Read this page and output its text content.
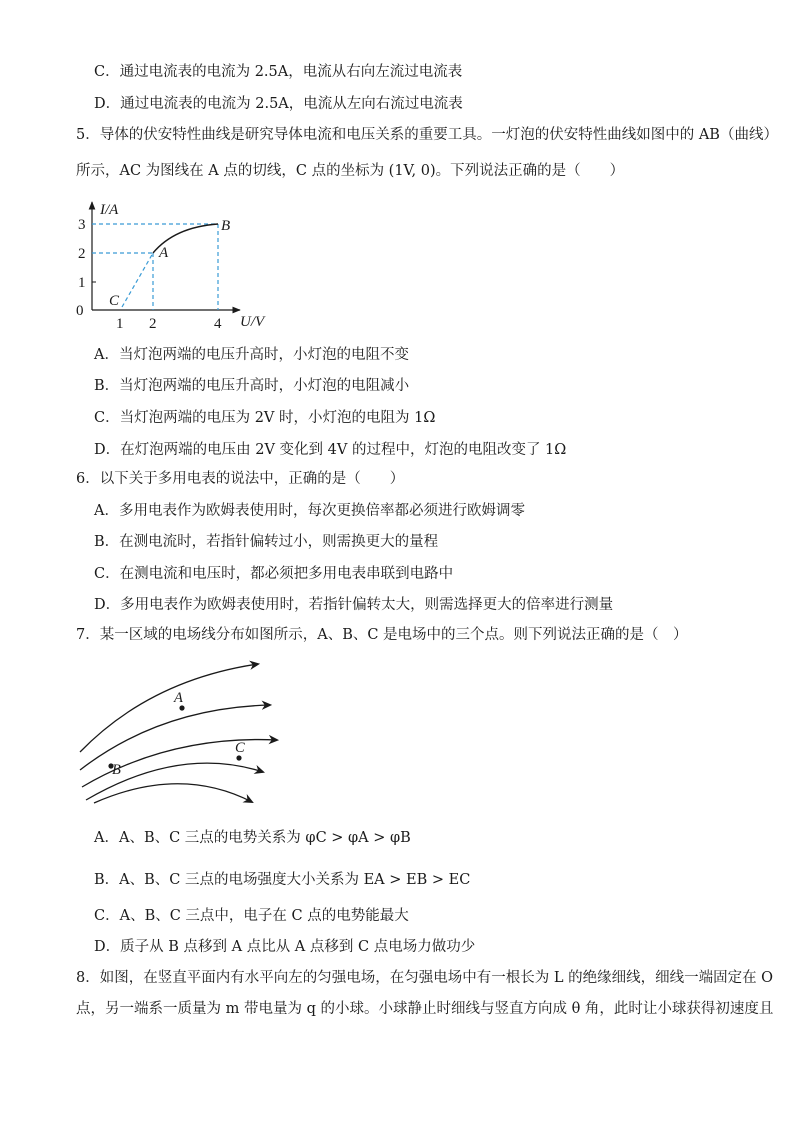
C．通过电流表的电流为 2.5A，电流从右向左流过电流表
D．通过电流表的电流为 2.5A，电流从左向右流过电流表
5．导体的伏安特性曲线是研究导体电流和电压关系的重要工具。一灯泡的伏安特性曲线如图中的 AB（曲线）
所示，AC 为图线在 A 点的切线，C 点的坐标为 (1V, 0)。下列说法正确的是（　　）
I/A
U/V
0
1
2
3
1 2	4
A
B
C
A．当灯泡两端的电压升高时，小灯泡的电阻不变
B．当灯泡两端的电压升高时，小灯泡的电阻减小
C．当灯泡两端的电压为 2V 时，小灯泡的电阻为 1Ω
D．在灯泡两端的电压由 2V 变化到 4V 的过程中，灯泡的电阻改变了 1Ω
6．以下关于多用电表的说法中，正确的是（　　）
A．多用电表作为欧姆表使用时，每次更换倍率都必须进行欧姆调零
B．在测电流时，若指针偏转过小，则需换更大的量程
C．在测电流和电压时，都必须把多用电表串联到电路中
D．多用电表作为欧姆表使用时，若指针偏转太大，则需选择更大的倍率进行测量
7．某一区域的电场线分布如图所示，A、B、C 是电场中的三个点。则下列说法正确的是（　）
A
B
C
A．A、B、C 三点的电势关系为 φC > φA > φB
B．A、B、C 三点的电场强度大小关系为 EA > EB > EC
C．A、B、C 三点中，电子在 C 点的电势能最大
D．质子从 B 点移到 A 点比从 A 点移到 C 点电场力做功少
8．如图，在竖直平面内有水平向左的匀强电场，在匀强电场中有一根长为 L 的绝缘细线，细线一端固定在 O
点，另一端系一质量为 m 带电量为 q 的小球。小球静止时细线与竖直方向成 θ 角，此时让小球获得初速度且
